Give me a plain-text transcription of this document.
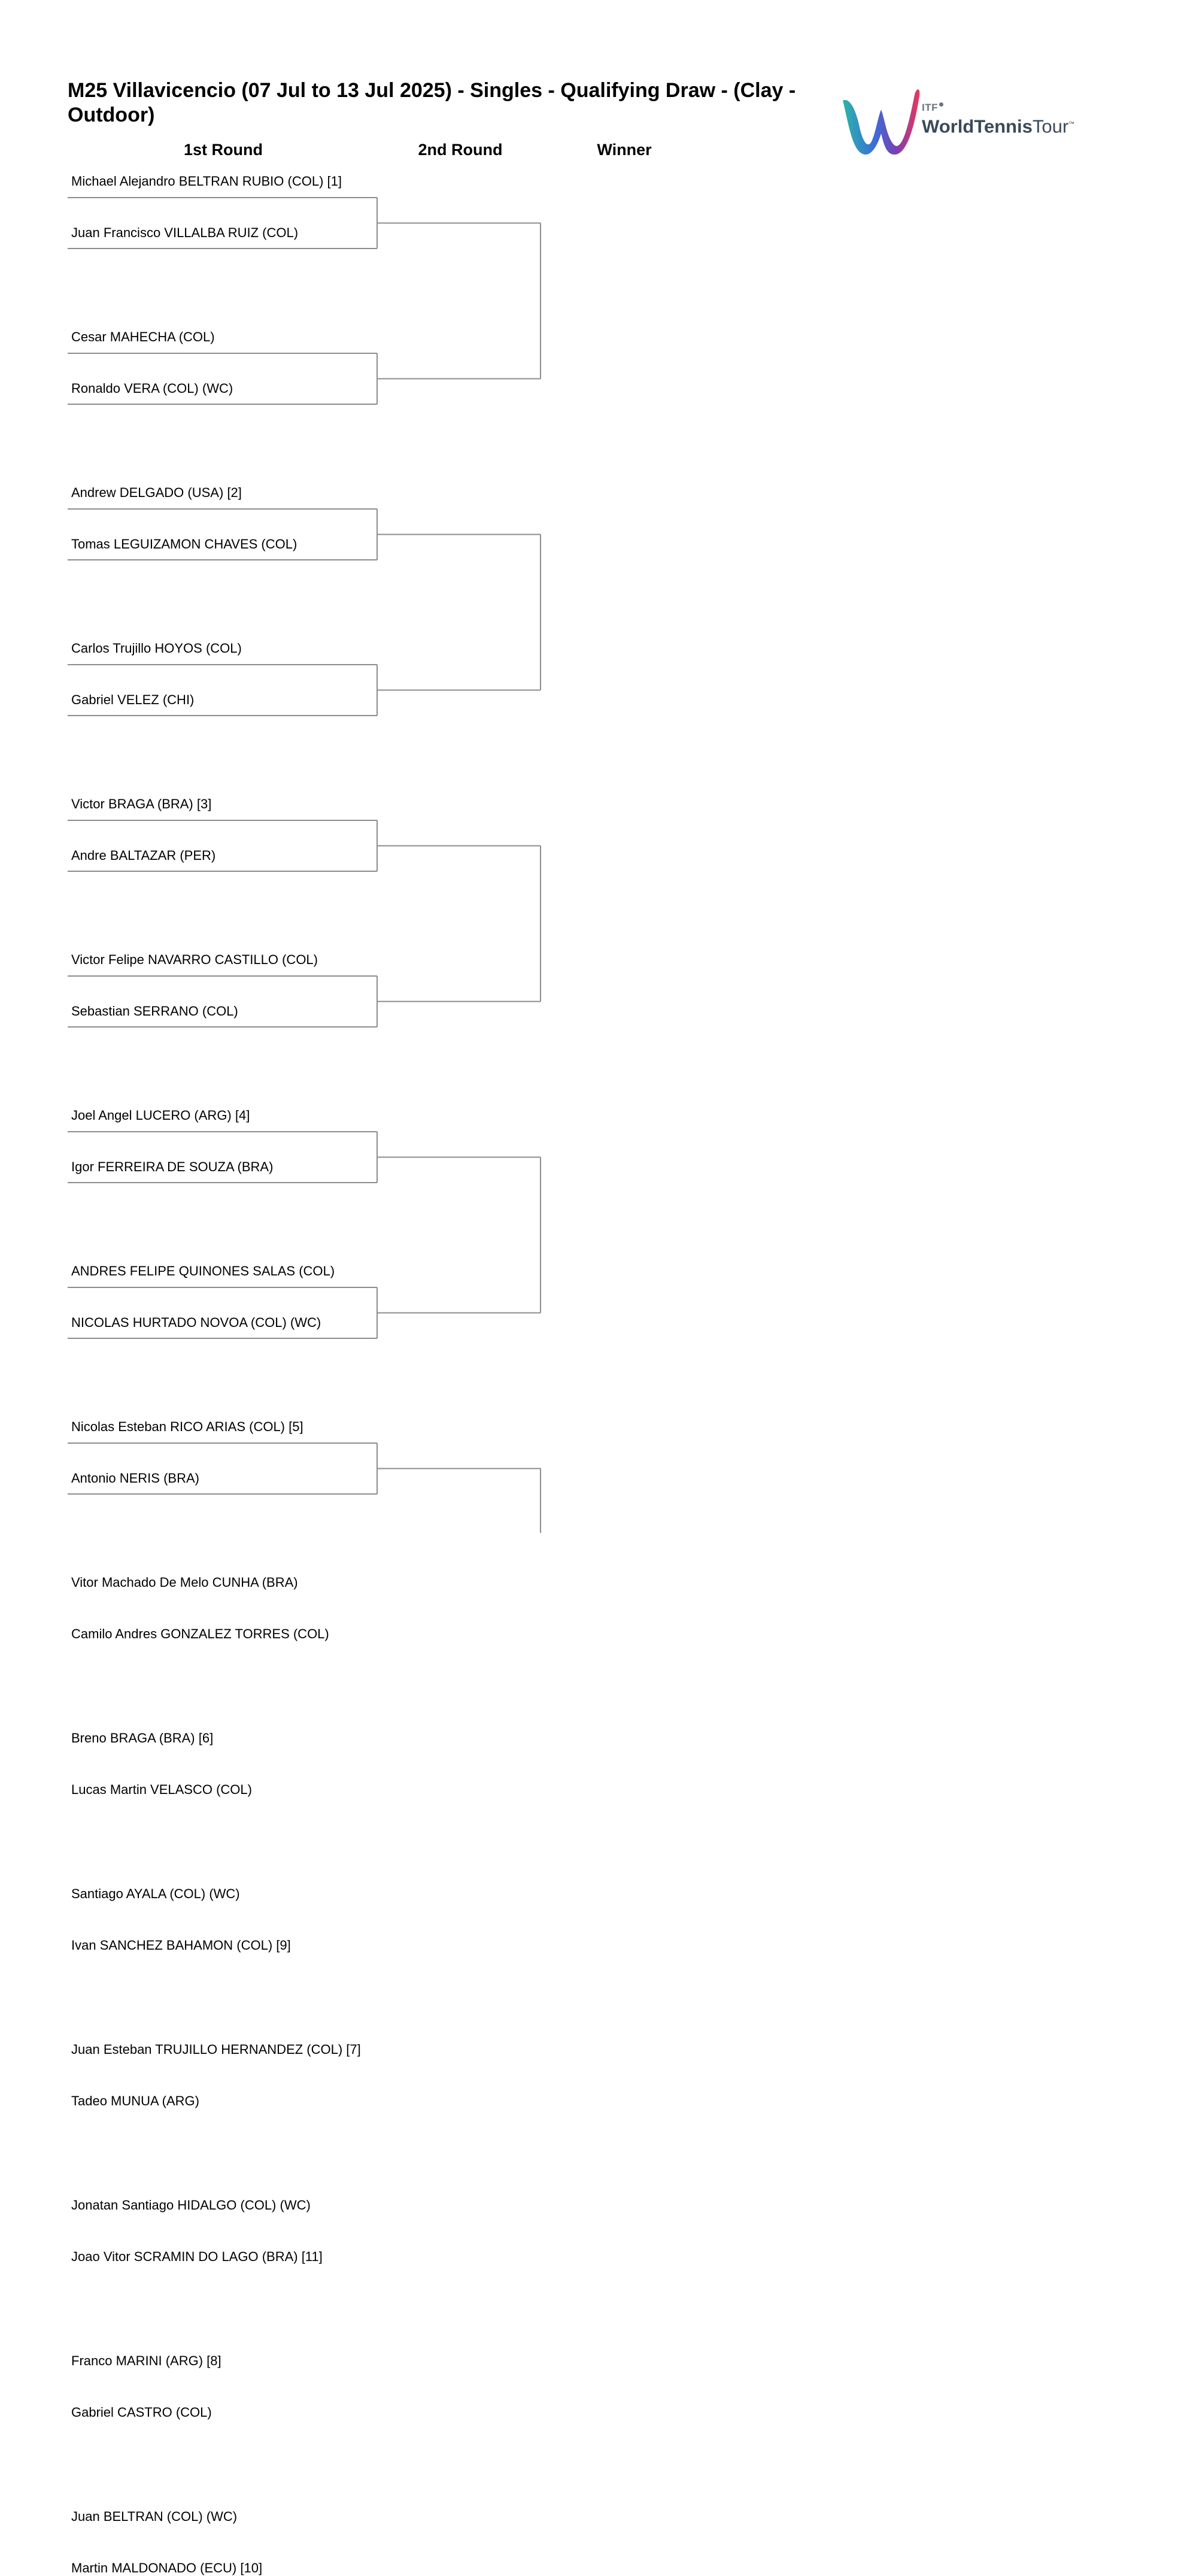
M25 Villavicencio (07 Jul to 13 Jul 2025) - Singles - Qualifying Draw - (Clay - Outdoor)
1st Round	2nd Round	Winner
ITF
WorldTennisTour™
Michael Alejandro BELTRAN RUBIO (COL) [1]
Juan Francisco VILLALBA RUIZ (COL)
Cesar MAHECHA (COL)
Ronaldo VERA (COL) (WC)
Andrew DELGADO (USA) [2]
Tomas LEGUIZAMON CHAVES (COL)
Carlos Trujillo HOYOS (COL)
Gabriel VELEZ (CHI)
Victor BRAGA (BRA) [3]
Andre BALTAZAR (PER)
Victor Felipe NAVARRO CASTILLO (COL)
Sebastian SERRANO (COL)
Joel Angel LUCERO (ARG) [4]
Igor FERREIRA DE SOUZA (BRA)
ANDRES FELIPE QUINONES SALAS (COL)
NICOLAS HURTADO NOVOA (COL) (WC)
Nicolas Esteban RICO ARIAS (COL) [5]
Antonio NERIS (BRA)
Vitor Machado De Melo CUNHA (BRA)
Camilo Andres GONZALEZ TORRES (COL)
Breno BRAGA (BRA) [6]
Lucas Martin VELASCO (COL)
Santiago AYALA (COL) (WC)
Ivan SANCHEZ BAHAMON (COL) [9]
Juan Esteban TRUJILLO HERNANDEZ (COL) [7]
Tadeo MUNUA (ARG)
Jonatan Santiago HIDALGO (COL) (WC)
Joao Vitor SCRAMIN DO LAGO (BRA) [11]
Franco MARINI (ARG) [8]
Gabriel CASTRO (COL)
Juan BELTRAN (COL) (WC)
Martin MALDONADO (ECU) [10]
